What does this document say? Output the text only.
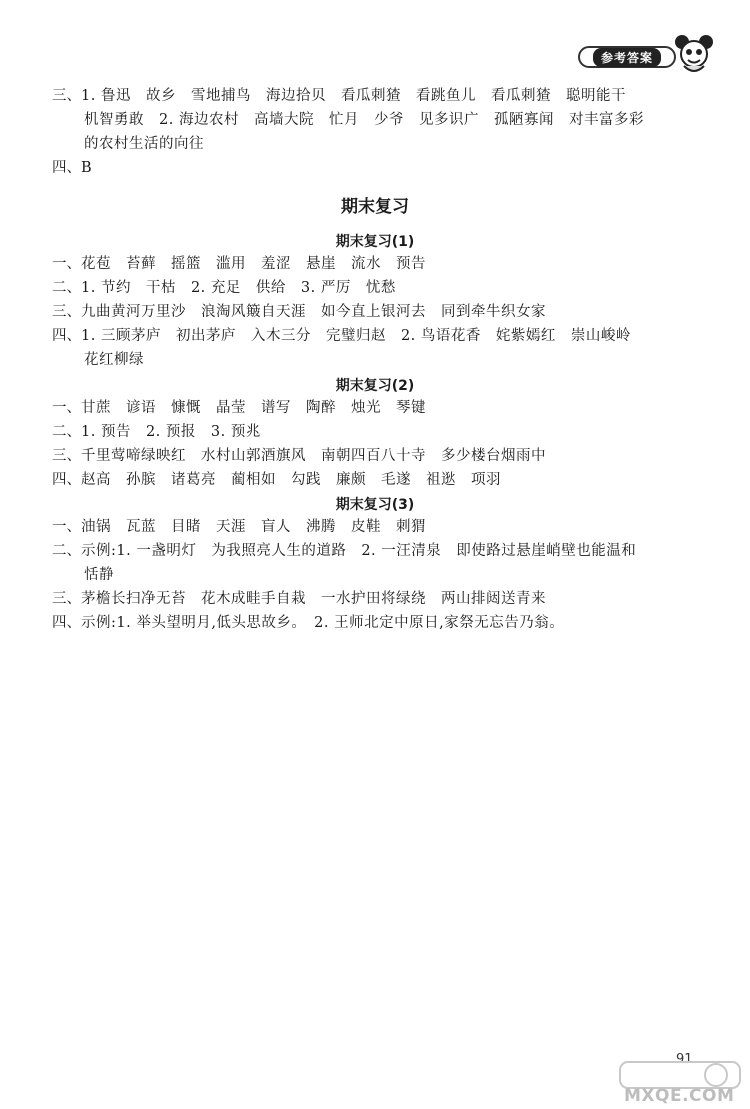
参考答案
三、1. 鲁迅　故乡　雪地捕鸟　海边拾贝　看瓜刺猹　看跳鱼儿　看瓜刺猹　聪明能干
机智勇敢　2. 海边农村　高墙大院　忙月　少爷　见多识广　孤陋寡闻　对丰富多彩
的农村生活的向往
四、B
期末复习
期末复习(1)
一、花苞　苔藓　摇篮　滥用　羞涩　悬崖　流水　预告
二、1. 节约　干枯　2. 充足　供给　3. 严厉　忧愁
三、九曲黄河万里沙　浪淘风簸自天涯　如今直上银河去　同到牵牛织女家
四、1. 三顾茅庐　初出茅庐　入木三分　完璧归赵　2. 鸟语花香　姹紫嫣红　崇山峻岭
花红柳绿
期末复习(2)
一、甘蔗　谚语　慷慨　晶莹　谱写　陶醉　烛光　琴键
二、1. 预告　2. 预报　3. 预兆
三、千里莺啼绿映红　水村山郭酒旗风　南朝四百八十寺　多少楼台烟雨中
四、赵高　孙膑　诸葛亮　蔺相如　勾践　廉颇　毛遂　祖逖　项羽
期末复习(3)
一、油锅　瓦蓝　目睹　天涯　盲人　沸腾　皮鞋　刺猬
二、示例:1. 一盏明灯　为我照亮人生的道路　2. 一汪清泉　即使路过悬崖峭壁也能温和
恬静
三、茅檐长扫净无苔　花木成畦手自栽　一水护田将绿绕　两山排闼送青来
四、示例:1. 举头望明月,低头思故乡。　2. 王师北定中原日,家祭无忘告乃翁。
91
MXQE.COM
